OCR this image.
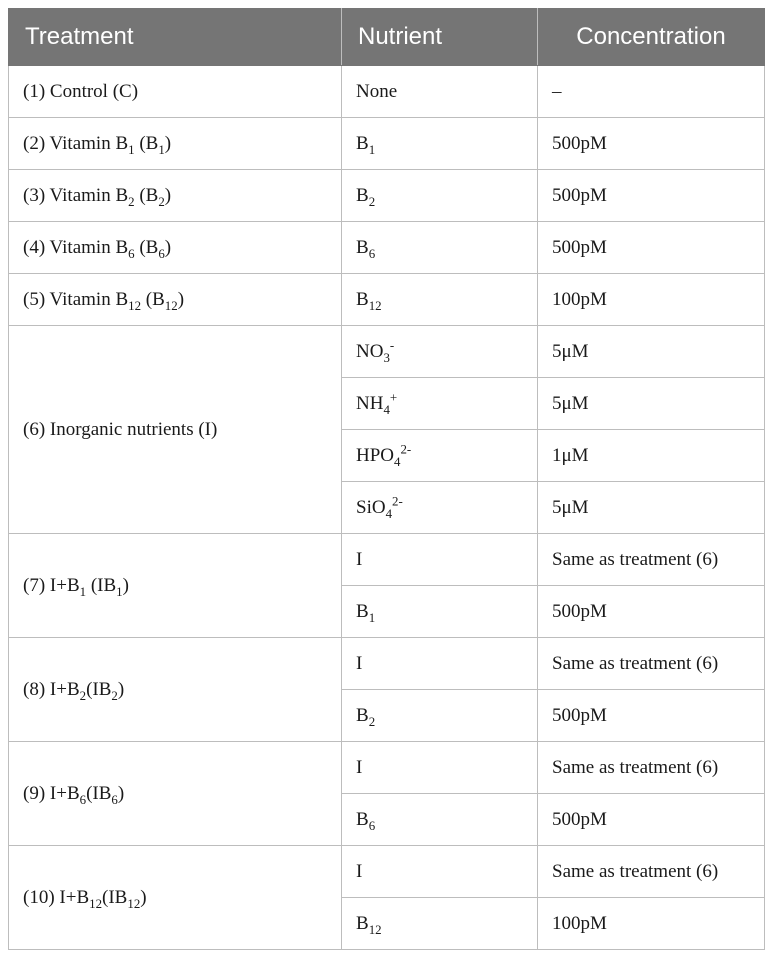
Treatment	Nutrient	Concentration
(1) Control (C)	None	–
(2) Vitamin $B_1$ $(B_1)$	$B_1$	500pM
(3) Vitamin $B_2$ $(B_2)$	$B_2$	500pM
(4) Vitamin $B_6$ $(B_6)$	$B_6$	500pM
(5) Vitamin $B_{12}$ $(B_{12})$	$B_{12}$	100pM
(6) Inorganic nutrients (I)	$NO_3^-$	5μM
	$NH_4^+$	5μM
	$HPO_4^{2-}$	1μM
	SiO$_4^{2-}$	5μM
(7) $I+B_1$ $(IB_1)$	I	Same as treatment (6)
	$B_1$	500pM
(8) $I+B_2(IB_2)$	I	Same as treatment (6)
	$B_2$	500pM
(9) $I+B_6(IB_6)$	I	Same as treatment (6)
	$B_6$	500pM
(10) $I+B_{12}(IB_{12})$	I	Same as treatment (6)
	$B_{12}$	100pM
